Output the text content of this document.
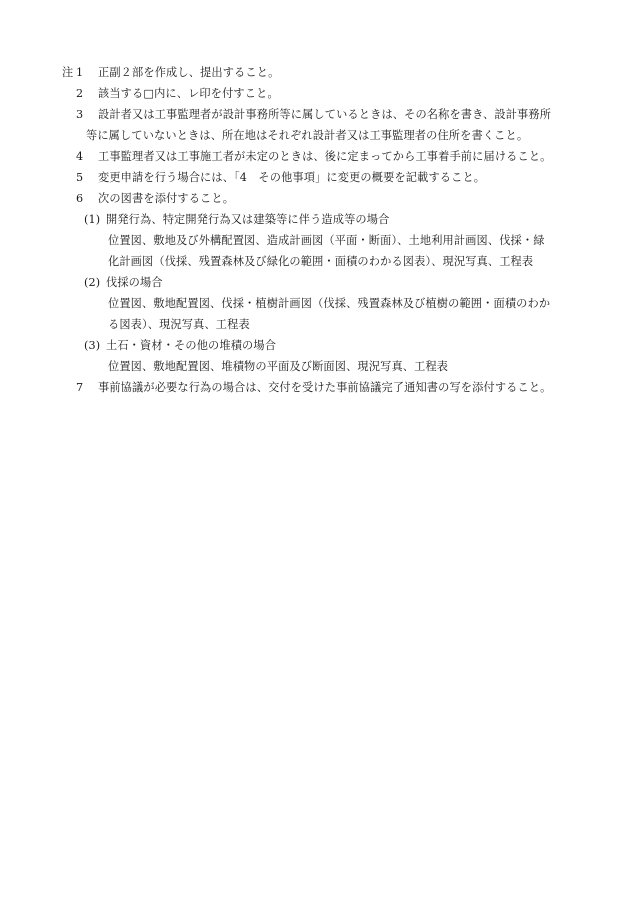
注 1 正副２部を作成し、提出すること。
2 該当する□内に、レ印を付すこと。
3 設計者又は工事監理者が設計事務所等に属しているときは、その名称を書き、設計事務所
等に属していないときは、所在地はそれぞれ設計者又は工事監理者の住所を書くこと。
4 工事監理者又は工事施工者が未定のときは、後に定まってから工事着手前に届けること。
5 変更申請を行う場合には、「4　その他事項」に変更の概要を記載すること。
6 次の図書を添付すること。
(1) 開発行為、特定開発行為又は建築等に伴う造成等の場合
位置図、敷地及び外構配置図、造成計画図（平面・断面）、土地利用計画図、伐採・緑
化計画図（伐採、残置森林及び緑化の範囲・面積のわかる図表）、現況写真、工程表
(2) 伐採の場合
位置図、敷地配置図、伐採・植樹計画図（伐採、残置森林及び植樹の範囲・面積のわか
る図表）、現況写真、工程表
(3) 土石・資材・その他の堆積の場合
位置図、敷地配置図、堆積物の平面及び断面図、現況写真、工程表
7 事前協議が必要な行為の場合は、交付を受けた事前協議完了通知書の写を添付すること。
